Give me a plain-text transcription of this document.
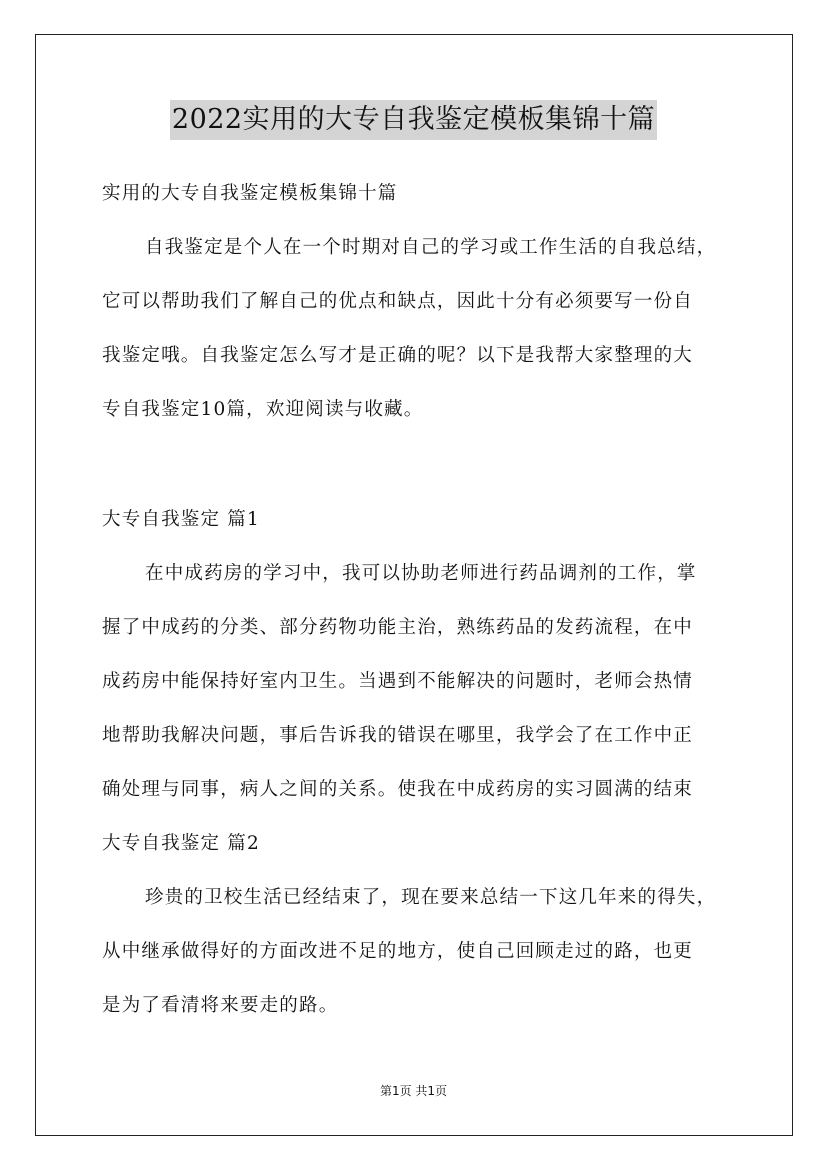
2022实用的大专自我鉴定模板集锦十篇
实用的大专自我鉴定模板集锦十篇
自我鉴定是个人在一个时期对自己的学习或工作生活的自我总结，
它可以帮助我们了解自己的优点和缺点，因此十分有必须要写一份自
我鉴定哦。自我鉴定怎么写才是正确的呢？以下是我帮大家整理的大
专自我鉴定10篇，欢迎阅读与收藏。
大专自我鉴定 篇1
在中成药房的学习中，我可以协助老师进行药品调剂的工作，掌
握了中成药的分类、部分药物功能主治，熟练药品的发药流程，在中
成药房中能保持好室内卫生。当遇到不能解决的问题时，老师会热情
地帮助我解决问题，事后告诉我的错误在哪里，我学会了在工作中正
确处理与同事，病人之间的关系。使我在中成药房的实习圆满的结束
大专自我鉴定 篇2
珍贵的卫校生活已经结束了，现在要来总结一下这几年来的得失，
从中继承做得好的方面改进不足的地方，使自己回顾走过的路，也更
是为了看清将来要走的路。
第1页 共1页
